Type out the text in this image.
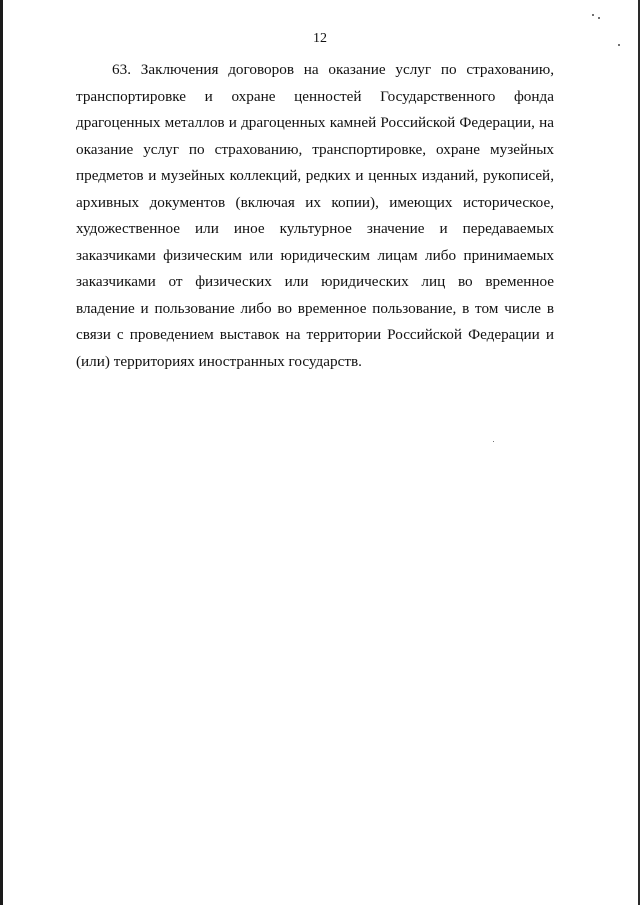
12

63. Заключения договоров на оказание услуг по страхованию, транспортировке и охране ценностей Государственного фонда драгоценных металлов и драгоценных камней Российской Федерации, на оказание услуг по страхованию, транспортировке, охране музейных предметов и музейных коллекций, редких и ценных изданий, рукописей, архивных документов (включая их копии), имеющих историческое, художественное или иное культурное значение и передаваемых заказчиками физическим или юридическим лицам либо принимаемых заказчиками от физических или юридических лиц во временное владение и пользование либо во временное пользование, в том числе в связи с проведением выставок на территории Российской Федерации и (или) территориях иностранных государств.
